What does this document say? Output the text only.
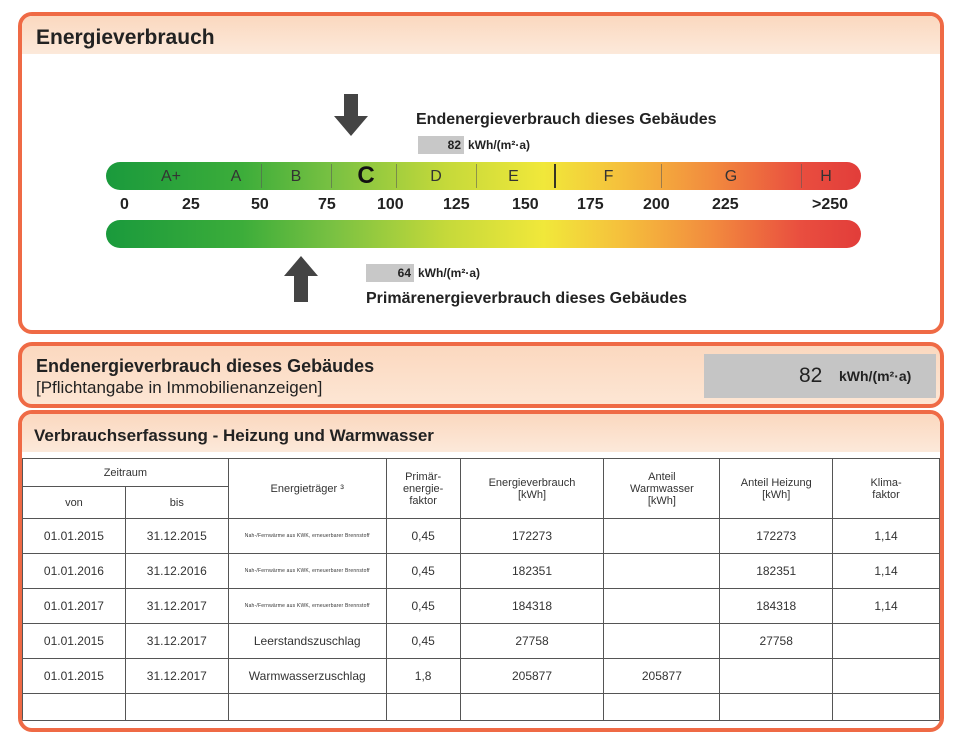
Energieverbrauch
Endenergieverbrauch dieses Gebäudes
82 kWh/(m²·a)
A+	A	B	C	D	E	F	G	H
0	25	50	75	100 125	150 175 200	225	>250
64 kWh/(m²·a)
Primärenergieverbrauch dieses Gebäudes
Endenergieverbrauch dieses Gebäudes
[Pflichtangabe in Immobilienanzeigen]
82 kWh/(m²·a)
Verbrauchserfassung - Heizung und Warmwasser
Zeitraum		Energieträger ³	Primär-
energie-
faktor	Energieverbrauch
[kWh]	Anteil
Warmwasser
[kWh]	Anteil Heizung
[kWh]	Klima-
faktor
von	bis						
01.01.2015	31.12.2015	Nah-/Fernwärme aus KWK, erneuerbarer Brennstoff	0,45	172273		172273	1,14
01.01.2016	31.12.2016	Nah-/Fernwärme aus KWK, erneuerbarer Brennstoff	0,45	182351		182351	1,14
01.01.2017	31.12.2017	Nah-/Fernwärme aus KWK, erneuerbarer Brennstoff	0,45	184318		184318	1,14
01.01.2015	31.12.2017	Leerstandszuschlag	0,45	27758		27758	
01.01.2015	31.12.2017	Warmwasserzuschlag	1,8	205877	205877		
